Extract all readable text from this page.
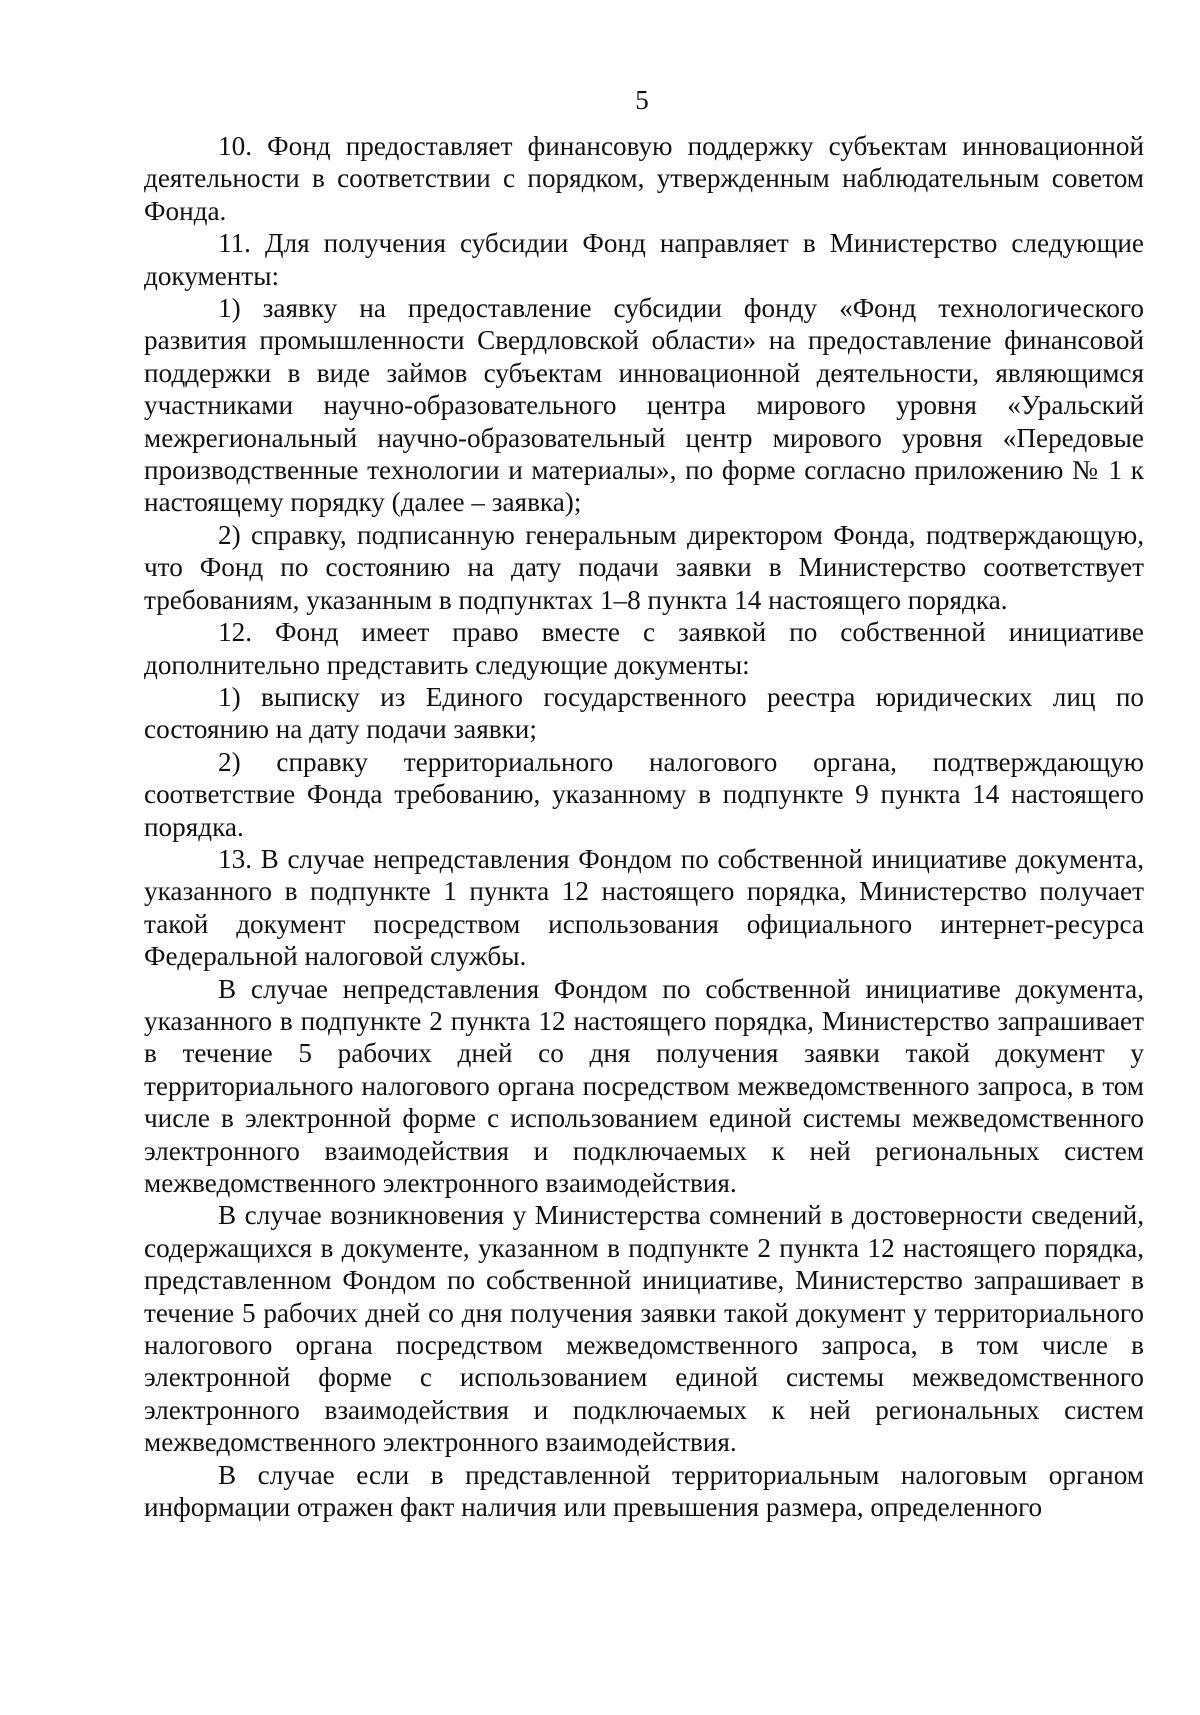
5

10. Фонд предоставляет финансовую поддержку субъектам инновационной деятельности в соответствии с порядком, утвержденным наблюдательным советом Фонда.

11. Для получения субсидии Фонд направляет в Министерство следующие документы:

1) заявку на предоставление субсидии фонду «Фонд технологического развития промышленности Свердловской области» на предоставление финансовой поддержки в виде займов субъектам инновационной деятельности, являющимся участниками научно-образовательного центра мирового уровня «Уральский межрегиональный научно-образовательный центр мирового уровня «Передовые производственные технологии и материалы», по форме согласно приложению № 1 к настоящему порядку (далее – заявка);

2) справку, подписанную генеральным директором Фонда, подтверждающую, что Фонд по состоянию на дату подачи заявки в Министерство соответствует требованиям, указанным в подпунктах 1–8 пункта 14 настоящего порядка.

12. Фонд имеет право вместе с заявкой по собственной инициативе дополнительно представить следующие документы:

1) выписку из Единого государственного реестра юридических лиц по состоянию на дату подачи заявки;

2) справку территориального налогового органа, подтверждающую соответствие Фонда требованию, указанному в подпункте 9 пункта 14 настоящего порядка.

13. В случае непредставления Фондом по собственной инициативе документа, указанного в подпункте 1 пункта 12 настоящего порядка, Министерство получает такой документ посредством использования официального интернет-ресурса Федеральной налоговой службы.

В случае непредставления Фондом по собственной инициативе документа, указанного в подпункте 2 пункта 12 настоящего порядка, Министерство запрашивает в течение 5 рабочих дней со дня получения заявки такой документ у территориального налогового органа посредством межведомственного запроса, в том числе в электронной форме с использованием единой системы межведомственного электронного взаимодействия и подключаемых к ней региональных систем межведомственного электронного взаимодействия.

В случае возникновения у Министерства сомнений в достоверности сведений, содержащихся в документе, указанном в подпункте 2 пункта 12 настоящего порядка, представленном Фондом по собственной инициативе, Министерство запрашивает в течение 5 рабочих дней со дня получения заявки такой документ у территориального налогового органа посредством межведомственного запроса, в том числе в электронной форме с использованием единой системы межведомственного электронного взаимодействия и подключаемых к ней региональных систем межведомственного электронного взаимодействия.

В случае если в представленной территориальным налоговым органом информации отражен факт наличия или превышения размера, определенного
